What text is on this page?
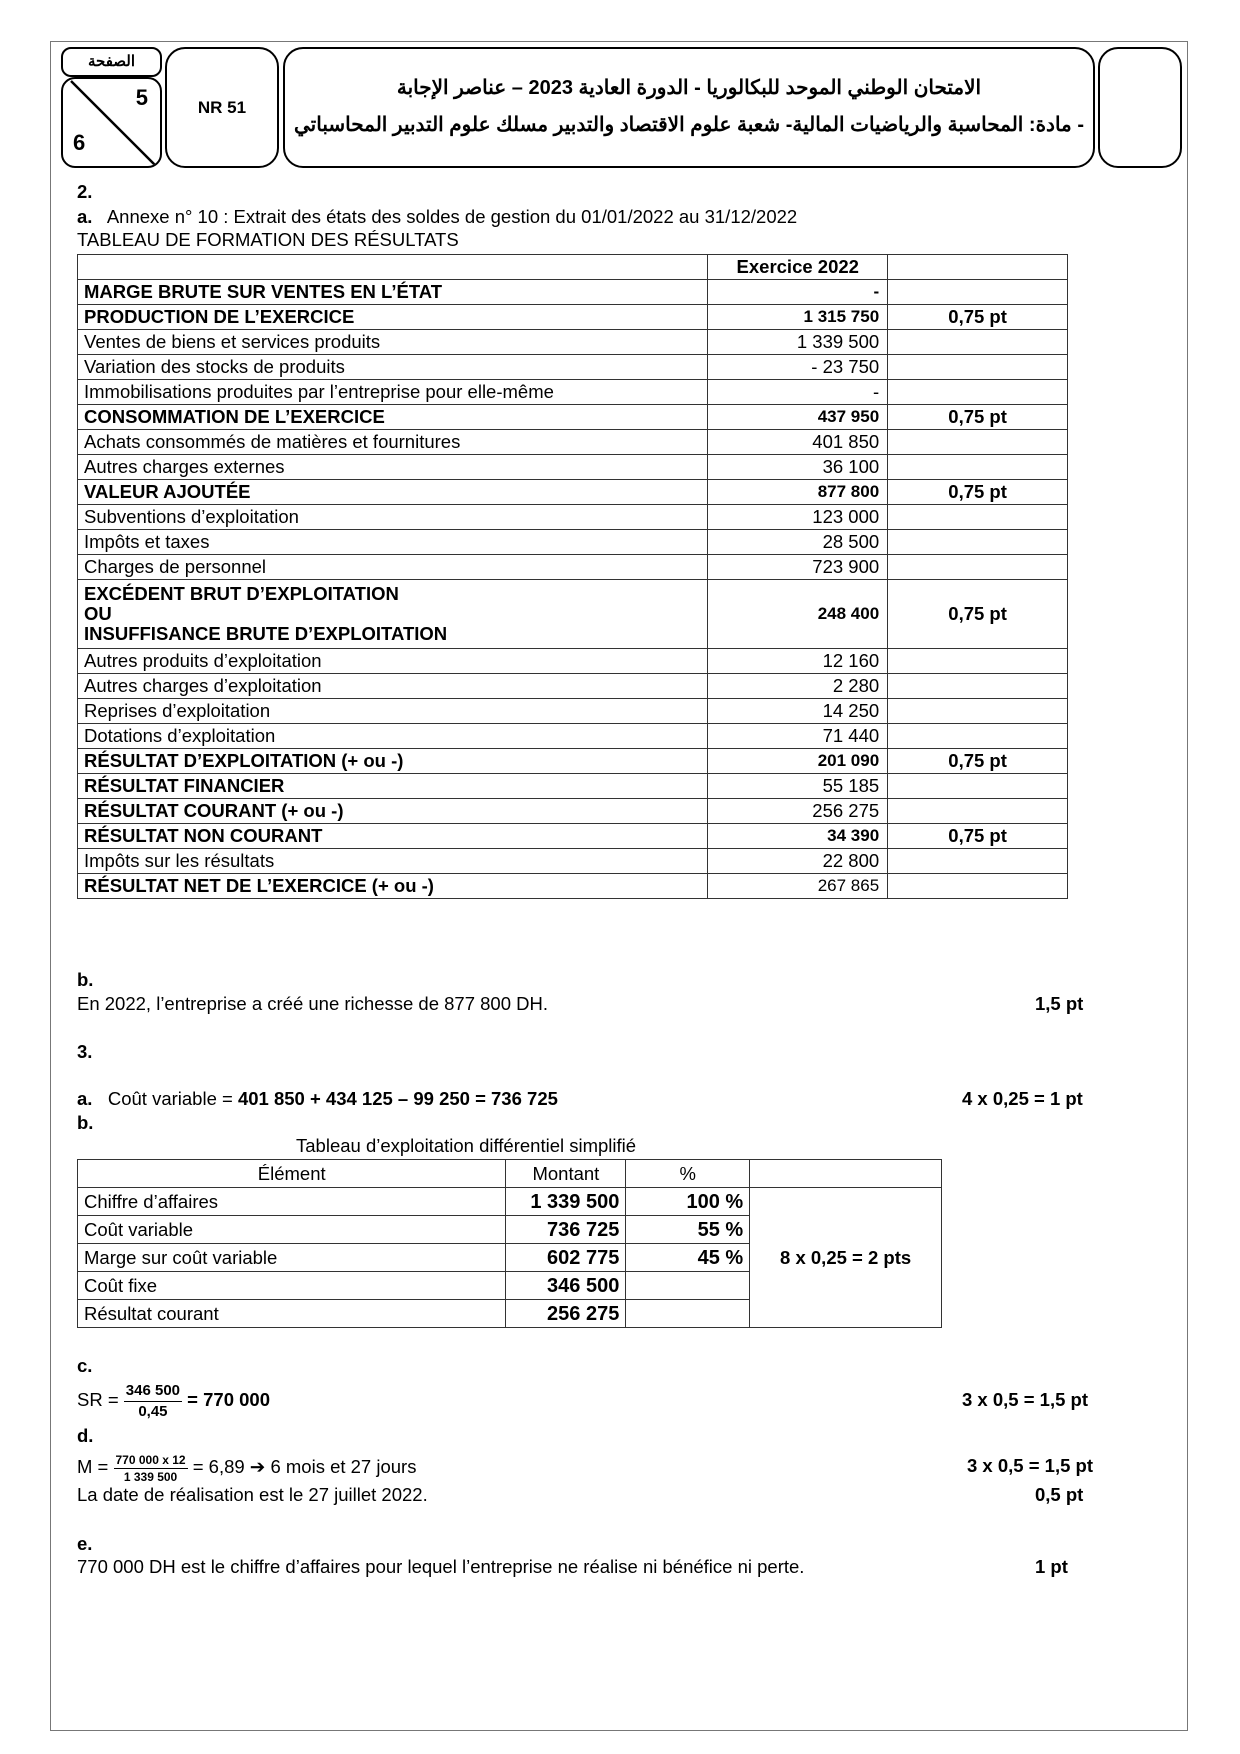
الصفحة
5
6
NR 51
الامتحان الوطني الموحد للبكالوريا - الدورة العادية 2023 – عناصر الإجابة
- مادة: المحاسبة والرياضيات المالية- شعبة علوم الاقتصاد والتدبير مسلك علوم التدبير المحاسباتي
2.
a. Annexe n° 10 : Extrait des états des soldes de gestion du 01/01/2022 au 31/12/2022
TABLEAU DE FORMATION DES RÉSULTATS
	Exercice 2022	
MARGE BRUTE SUR VENTES EN L’ÉTAT	-	
PRODUCTION DE L’EXERCICE	1 315 750	0,75 pt
Ventes de biens et services produits	1 339 500	
Variation des stocks de produits	- 23 750	
Immobilisations produites par l’entreprise pour elle-même	-	
CONSOMMATION DE L’EXERCICE	437 950	0,75 pt
Achats consommés de matières et fournitures	401 850	
Autres charges externes	36 100	
VALEUR AJOUTÉE	877 800	0,75 pt
Subventions d’exploitation	123 000	
Impôts et taxes	28 500	
Charges de personnel	723 900	
EXCÉDENT BRUT D’EXPLOITATION
OU
INSUFFISANCE BRUTE D’EXPLOITATION	248 400	0,75 pt
Autres produits d’exploitation	12 160	
Autres charges d’exploitation	2 280	
Reprises d’exploitation	14 250	
Dotations d’exploitation	71 440	
RÉSULTAT D’EXPLOITATION (+ ou -)	201 090	0,75 pt
RÉSULTAT FINANCIER	55 185	
RÉSULTAT COURANT (+ ou -)	256 275	
RÉSULTAT NON COURANT	34 390	0,75 pt
Impôts sur les résultats	22 800	
RÉSULTAT NET DE L’EXERCICE (+ ou -)	267 865	
b.
En 2022, l’entreprise a créé une richesse de 877 800 DH.	1,5 pt
3.
a. Coût variable = 401 850 + 434 125 – 99 250 = 736 725	4 x 0,25 = 1 pt
b.
Tableau d’exploitation différentiel simplifié
Élément	Montant	%	
Chiffre d’affaires	1 339 500	100 %	8 x 0,25 = 2 pts
Coût variable	736 725	55 %	
Marge sur coût variable	602 775	45 %	
Coût fixe	346 500		
Résultat courant	256 275		
c.
SR = $\frac{346 500}{0,45} = 770$ 000	3 x 0,5 = 1,5 pt
d.
$M = \frac{770 000 x 12}{1 339 500} = 6,89$ ➔ 6 mois et 27 jours	3 x 0,5 = 1,5 pt
La date de réalisation est le 27 juillet 2022.	0,5 pt
e.
770 000 DH est le chiffre d’affaires pour lequel l’entreprise ne réalise ni bénéfice ni perte.	1 pt
